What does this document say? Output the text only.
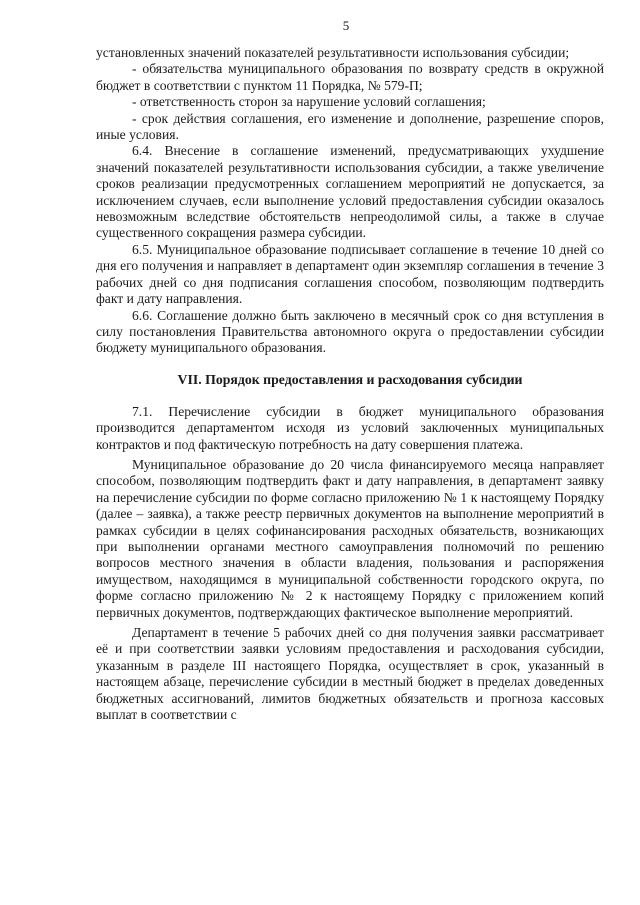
5

установленных значений показателей результативности использования субсидии;

- обязательства муниципального образования по возврату средств в окружной бюджет в соответствии с пунктом 11 Порядка, № 579-П;

- ответственность сторон за нарушение условий соглашения;

- срок действия соглашения, его изменение и дополнение, разрешение споров, иные условия.

6.4. Внесение в соглашение изменений, предусматривающих ухудшение значений показателей результативности использования субсидии, а также увеличение сроков реализации предусмотренных соглашением мероприятий не допускается, за исключением случаев, если выполнение условий предоставления субсидии оказалось невозможным вследствие обстоятельств непреодолимой силы, а также в случае существенного сокращения размера субсидии.

6.5. Муниципальное образование подписывает соглашение в течение 10 дней со дня его получения и направляет в департамент один экземпляр соглашения в течение 3 рабочих дней со дня подписания соглашения способом, позволяющим подтвердить факт и дату направления.

6.6. Соглашение должно быть заключено в месячный срок со дня вступления в силу постановления Правительства автономного округа о предоставлении субсидии бюджету муниципального образования.

VII. Порядок предоставления и расходования субсидии

7.1. Перечисление субсидии в бюджет муниципального образования производится департаментом исходя из условий заключенных муниципальных контрактов и под фактическую потребность на дату совершения платежа.

Муниципальное образование до 20 числа финансируемого месяца направляет способом, позволяющим подтвердить факт и дату направления, в департамент заявку на перечисление субсидии по форме согласно приложению № 1 к настоящему Порядку (далее – заявка), а также реестр первичных документов на выполнение мероприятий в рамках субсидии в целях софинансирования расходных обязательств, возникающих при выполнении органами местного самоуправления полномочий по решению вопросов местного значения в области владения, пользования и распоряжения имуществом, находящимся в муниципальной собственности городского округа, по форме согласно приложению № 2 к настоящему Порядку с приложением копий первичных документов, подтверждающих фактическое выполнение мероприятий.

Департамент в течение 5 рабочих дней со дня получения заявки рассматривает её и при соответствии заявки условиям предоставления и расходования субсидии, указанным в разделе III настоящего Порядка, осуществляет в срок, указанный в настоящем абзаце, перечисление субсидии в местный бюджет в пределах доведенных бюджетных ассигнований, лимитов бюджетных обязательств и прогноза кассовых выплат в соответствии с
